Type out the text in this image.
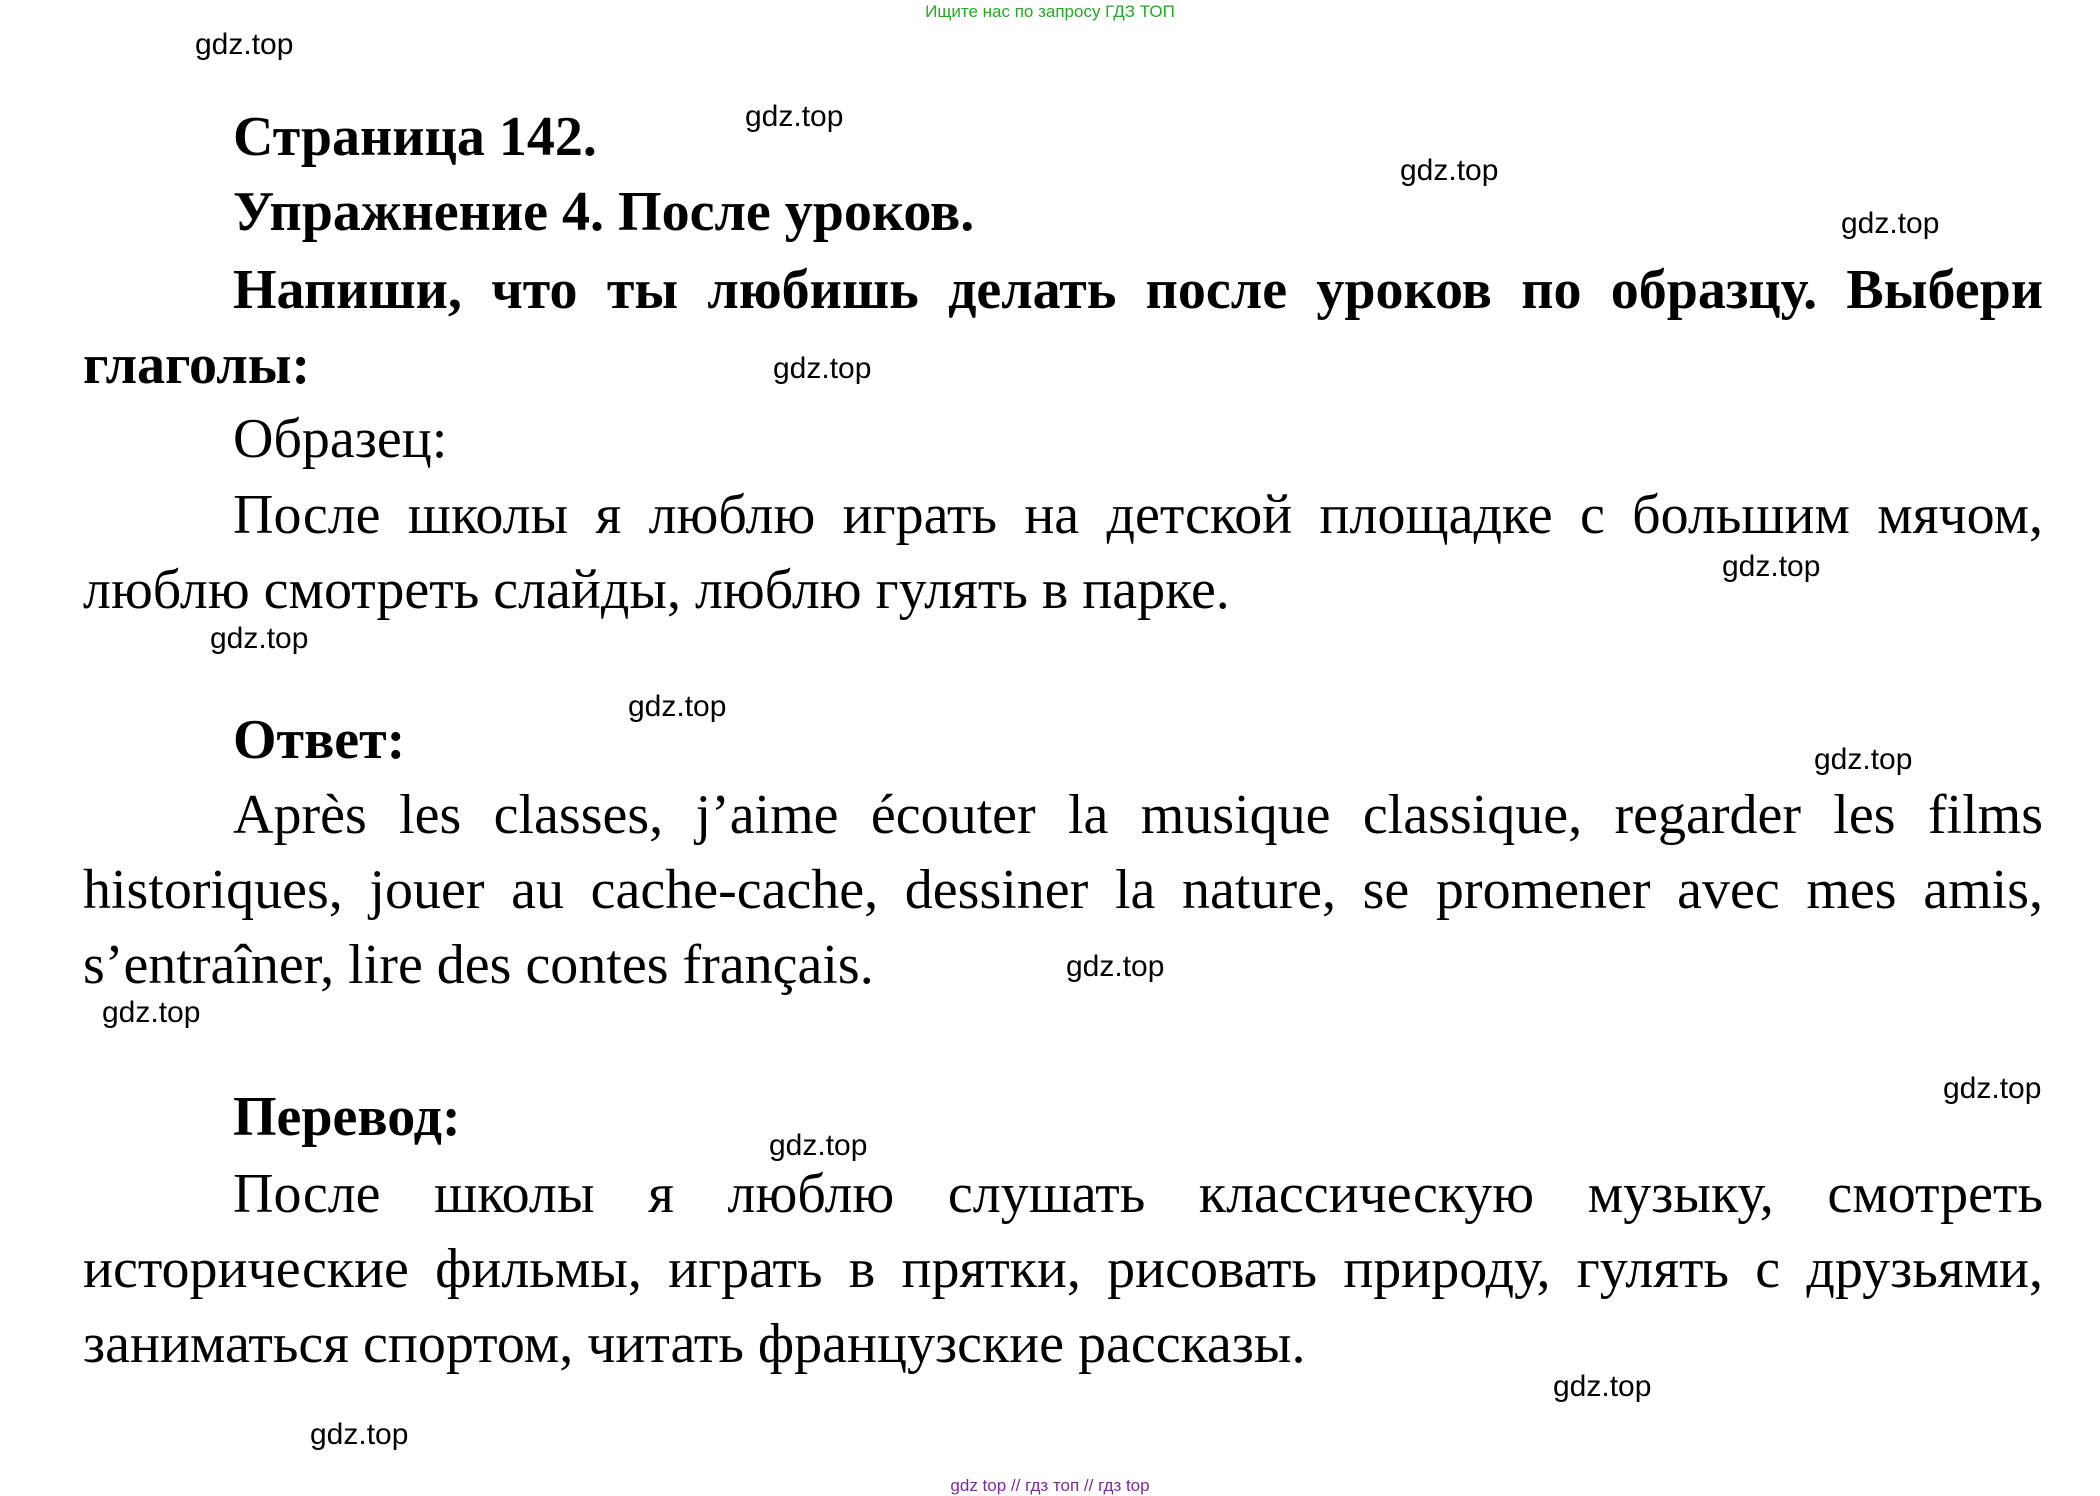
Ищите нас по запросу ГДЗ ТОП
gdz.top
gdz.top
gdz.top
gdz.top
gdz.top
gdz.top
gdz.top
gdz.top
gdz.top
gdz.top
gdz.top
gdz.top
gdz.top
gdz.top
gdz.top
Страница 142.
Упражнение 4. После уроков.
Напиши, что ты любишь делать после уроков по образцу. Выбери глаголы:
Образец:
После школы я люблю играть на детской площадке с большим мячом, люблю смотреть слайды, люблю гулять в парке.
Ответ:
Après les classes, j’aime écouter la musique classique, regarder les films historiques, jouer au cache-cache, dessiner la nature, se promener avec mes amis, s’entraîner, lire des contes français.
Перевод:
После школы я люблю слушать классическую музыку, смотреть исторические фильмы, играть в прятки, рисовать природу, гулять с друзьями, заниматься спортом, читать французские рассказы.
gdz top // гдз топ // гдз top
